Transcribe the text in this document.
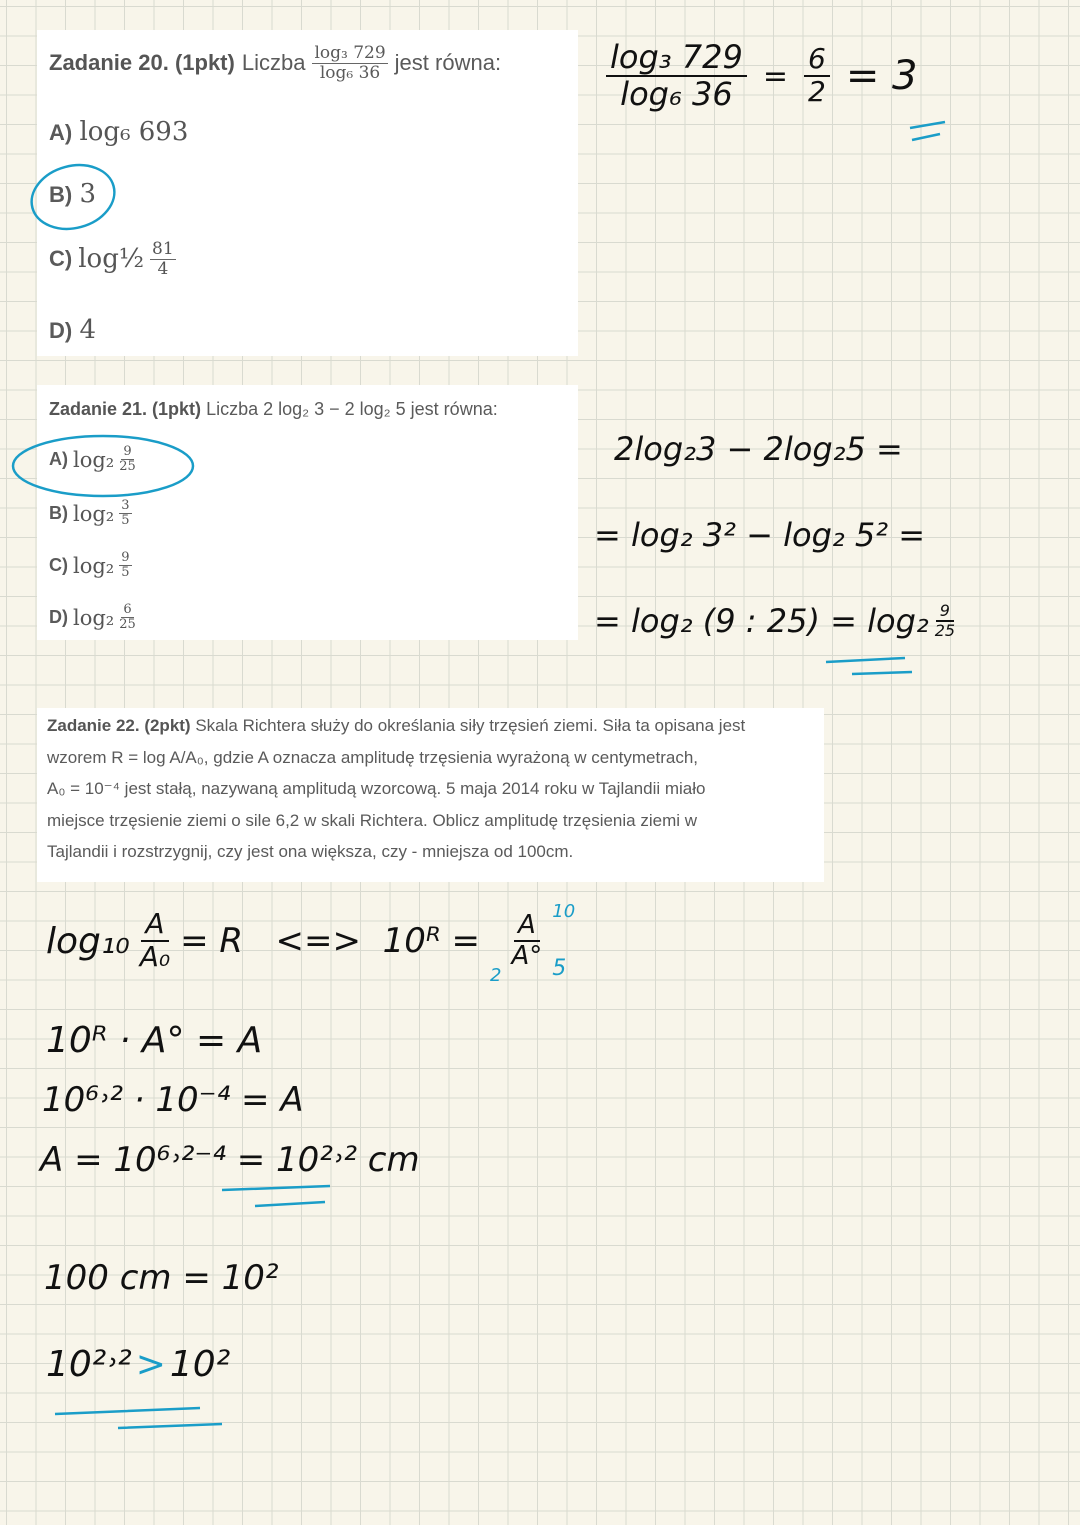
Zadanie 20. (1pkt) Liczba $\frac{\text{log₃ 729}}{\text{log₆ 36}}$ jest równa:
A) log₆ 693
B) 3
C) log½ $\frac{81}{4}$
D) 4
Zadanie 21. (1pkt) Liczba 2 log₂ 3 − 2 log₂ 5 jest równa:
A) $\log_2 \frac{9}{25}$
B) $\log_2 \frac{3}{5}$
C) $\log_2 \frac{9}{5}$
D) $\log_2 \frac{6}{25}$
Zadanie 22. (2pkt) Skala Richtera służy do określania siły trzęsień ziemi. Siła ta opisana jest
wzorem R = log A/A₀, gdzie A oznacza amplitudę trzęsienia wyrażoną w centymetrach,
A₀ = 10⁻⁴ jest stałą, nazywaną amplitudą wzorcową. 5 maja 2014 roku w Tajlandii miało
miejsce trzęsienie ziemi o sile 6,2 w skali Richtera. Oblicz amplitudę trzęsienia ziemi w
Tajlandii i rozstrzygnij, czy jest ona większa, czy - mniejsza od 100cm.
$\frac{\text{log₃ 729}}{\text{log₆ 36}} = \frac{6}{2} = 3$
2log₂3 − 2log₂5 =
= log₂ 3² − log₂ 5² =
= log₂ (9 : $25) = \log_2 \frac{9}{25}$
$\log_{10} \frac{A}{\text{A₀}} = R$   <=>  10ᴿ =
2
$\frac{A}{A^\circ} 10$
5
10ᴿ · A° = A
10⁶˒² · 10⁻⁴ = A
A = 10⁶˒²⁻⁴ = 10²˒² cm
100 cm = 10²
10²˒² > 10²
